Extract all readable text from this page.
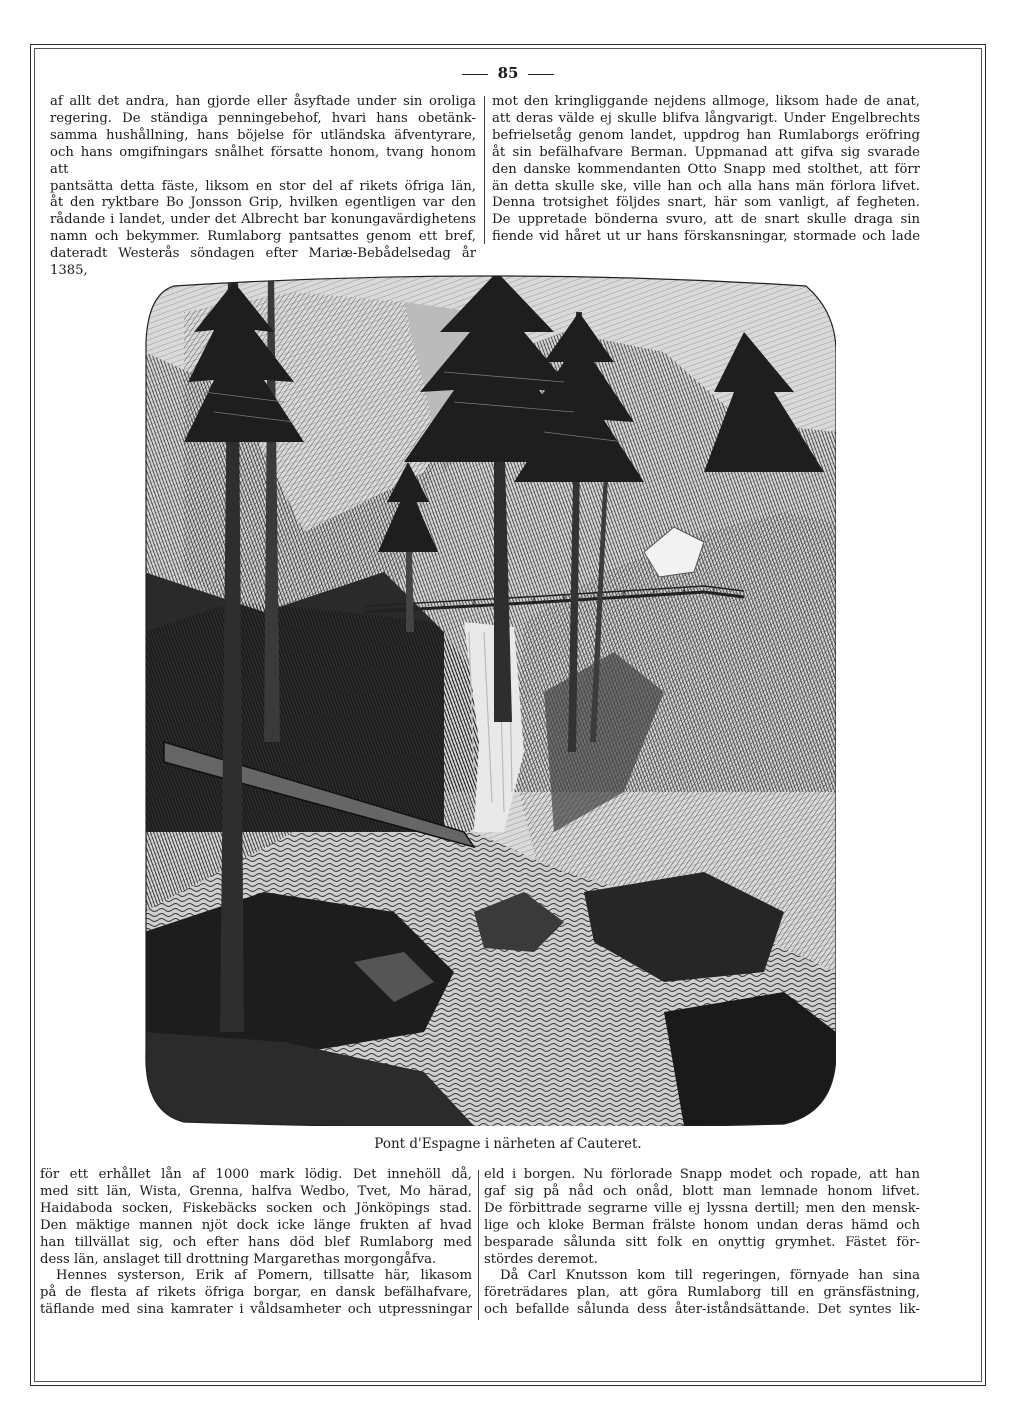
85

af allt det andra, han gjorde eller åsyftade under sin oroliga

regering. De ständiga penningebehof, hvari hans obetänk-

samma hushållning, hans böjelse för utländska äfventyrare,

och hans omgifningars snålhet försatte honom, tvang honom att

pantsätta detta fäste, liksom en stor del af rikets öfriga län,

åt den ryktbare Bo Jonsson Grip, hvilken egentligen var den

rådande i landet, under det Albrecht bar konungavärdighetens

namn och bekymmer. Rumlaborg pantsattes genom ett bref,

dateradt Westerås söndagen efter Mariæ-Bebådelsedag år 1385,

mot den kringliggande nejdens allmoge, liksom hade de anat,

att deras välde ej skulle blifva långvarigt. Under Engelbrechts

befrielsetåg genom landet, uppdrog han Rumlaborgs eröfring

åt sin befälhafvare Berman. Uppmanad att gifva sig svarade

den danske kommendanten Otto Snapp med stolthet, att förr

än detta skulle ske, ville han och alla hans män förlora lifvet.

Denna trotsighet följdes snart, här som vanligt, af fegheten.

De uppretade bönderna svuro, att de snart skulle draga sin

fiende vid håret ut ur hans förskansningar, stormade och lade

Pont d'Espagne i närheten af Cauteret.

för ett erhållet lån af 1000 mark lödig. Det innehöll då,

med sitt län, Wista, Grenna, halfva Wedbo, Tvet, Mo härad,

Haidaboda socken, Fiskebäcks socken och Jönköpings stad.

Den mäktige mannen njöt dock icke länge frukten af hvad

han tillvällat sig, och efter hans död blef Rumlaborg med

dess län, anslaget till drottning Margarethas morgongåfva.

Hennes systerson, Erik af Pomern, tillsatte här, likasom

på de flesta af rikets öfriga borgar, en dansk befälhafvare,

täflande med sina kamrater i våldsamheter och utpressningar

eld i borgen. Nu förlorade Snapp modet och ropade, att han

gaf sig på nåd och onåd, blott man lemnade honom lifvet.

De förbittrade segrarne ville ej lyssna dertill; men den mensk-

lige och kloke Berman frälste honom undan deras hämd och

besparade sålunda sitt folk en onyttig grymhet. Fästet för-

stördes deremot.

Då Carl Knutsson kom till regeringen, förnyade han sina

företrädares plan, att göra Rumlaborg till en gränsfästning,

och befallde sålunda dess åter-iståndsättande. Det syntes lik-
